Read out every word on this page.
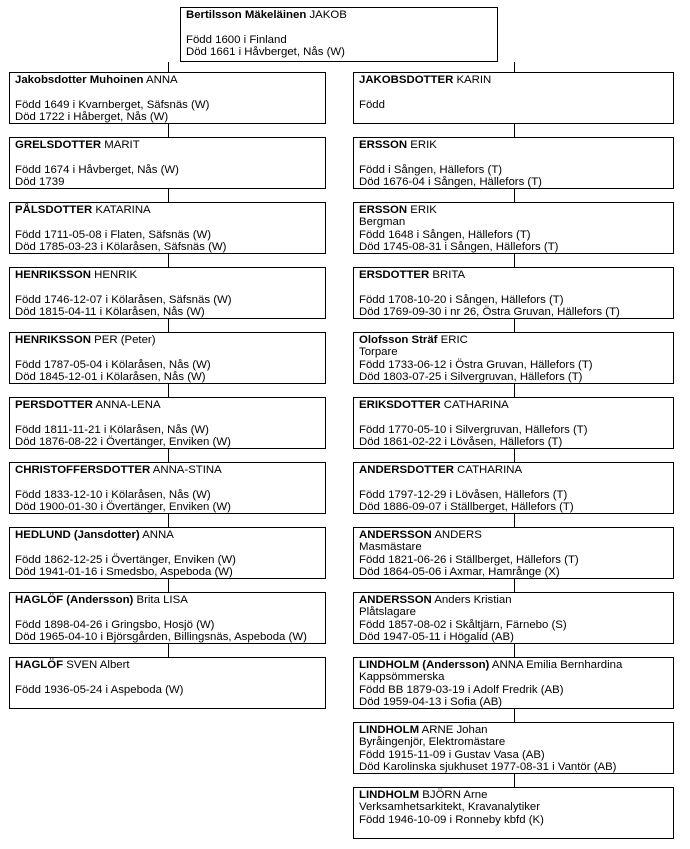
Bertilsson Mäkeläinen JAKOB
Född 1600 i Finland
Död 1661 i Håvberget, Nås (W)
Jakobsdotter Muhoinen ANNA
Född 1649 i Kvarnberget, Säfsnäs (W)
Död 1722 i Håberget, Nås (W)
GRELSDOTTER MARIT
Född 1674 i Håvberget, Nås (W)
Död 1739
PÅLSDOTTER KATARINA
Född 1711-05-08 i Flaten, Säfsnäs (W)
Död 1785-03-23 i Kölaråsen, Säfsnäs (W)
HENRIKSSON HENRIK
Född 1746-12-07 i Kölaråsen, Säfsnäs (W)
Död 1815-04-11 i Kölaråsen, Nås (W)
HENRIKSSON PER (Peter)
Född 1787-05-04 i Kölaråsen, Nås (W)
Död 1845-12-01 i Kölaråsen, Nås (W)
PERSDOTTER ANNA-LENA
Född 1811-11-21 i Kölaråsen, Nås (W)
Död 1876-08-22 i Övertänger, Enviken (W)
CHRISTOFFERSDOTTER ANNA-STINA
Född 1833-12-10 i Kölaråsen, Nås (W)
Död 1900-01-30 i Övertänger, Enviken (W)
HEDLUND (Jansdotter) ANNA
Född 1862-12-25 i Övertänger, Enviken (W)
Död 1941-01-16 i Smedsbo, Aspeboda (W)
HAGLÖF (Andersson) Brita LISA
Född 1898-04-26 i Gringsbo, Hosjö (W)
Död 1965-04-10 i Björsgården, Billingsnäs, Aspeboda (W)
HAGLÖF SVEN Albert
Född 1936-05-24 i Aspeboda (W)
JAKOBSDOTTER KARIN
Född
ERSSON ERIK
Född i Sången, Hällefors (T)
Död 1676-04 i Sången, Hällefors (T)
ERSSON ERIK
Bergman
Född 1648 i Sången, Hällefors (T)
Död 1745-08-31 i Sången, Hällefors (T)
ERSDOTTER BRITA
Född 1708-10-20 i Sången, Hällefors (T)
Död 1769-09-30 i nr 26, Östra Gruvan, Hällefors (T)
Olofsson Sträf ERIC
Torpare
Född 1733-06-12 i Östra Gruvan, Hällefors (T)
Död 1803-07-25 i Silvergruvan, Hällefors (T)
ERIKSDOTTER CATHARINA
Född 1770-05-10 i Silvergruvan, Hällefors (T)
Död 1861-02-22 i Lövåsen, Hällefors (T)
ANDERSDOTTER CATHARINA
Född 1797-12-29 i Lövåsen, Hällefors (T)
Död 1886-09-07 i Ställberget, Hällefors (T)
ANDERSSON ANDERS
Masmästare
Född 1821-06-26 i Ställberget, Hällefors (T)
Död 1864-05-06 i Axmar, Hamrånge (X)
ANDERSSON Anders Kristian
Plåtslagare
Född 1857-08-02 i Skåltjärn, Färnebo (S)
Död 1947-05-11 i Högalid (AB)
LINDHOLM (Andersson) ANNA Emilia Bernhardina
Kappsömmerska
Född BB 1879-03-19 i Adolf Fredrik (AB)
Död 1959-04-13 i Sofia (AB)
LINDHOLM ARNE Johan
Byråingenjör, Elektromästare
Född 1915-11-09 i Gustav Vasa (AB)
Död Karolinska sjukhuset 1977-08-31 i Vantör (AB)
LINDHOLM BJÖRN Arne
Verksamhetsarkitekt, Kravanalytiker
Född 1946-10-09 i Ronneby kbfd (K)
